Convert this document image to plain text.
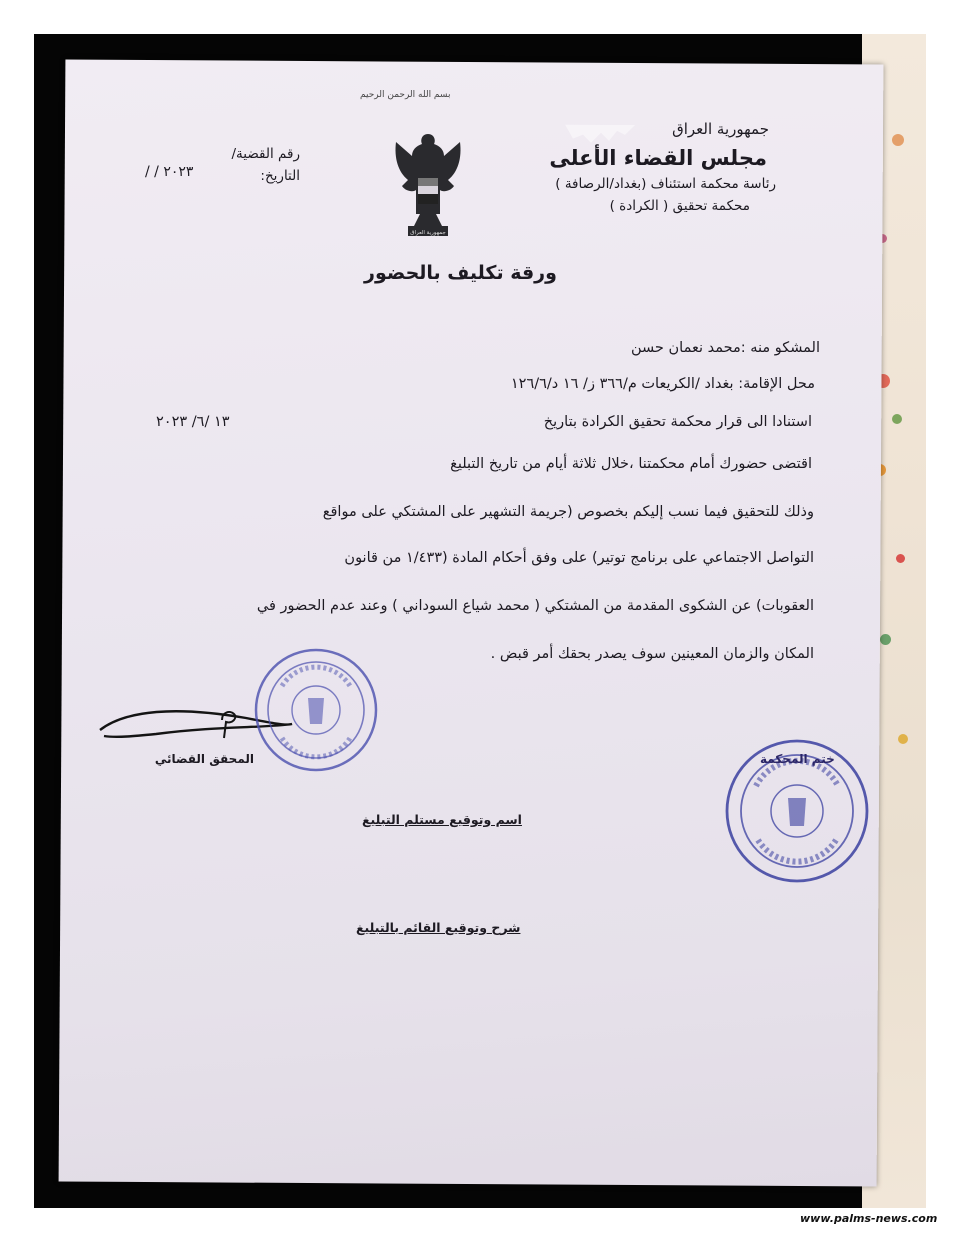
بسم الله الرحمن الرحيم
جمهورية العراق
مجلس القضاء الأعلى
رئاسة محكمة استئناف (بغداد/الرصافة )
محكمة تحقيق ( الكرادة )
رقم القضية/
التاريخ:
/ / ٢٠٢٣
جمهورية العراق
ورقة تكليف بالحضور
المشكو منه :محمد نعمان حسن
محل الإقامة: بغداد /الكريعات م/٣٦٦ ز/ ١٦ د/١٢٦/٦
استنادا الى قرار محكمة تحقيق الكرادة بتاريخ
١٣ /٦/ ٢٠٢٣
اقتضى حضورك أمام محكمتنا ،خلال ثلاثة أيام من تاريخ التبليغ
وذلك للتحقيق فيما نسب إليكم بخصوص (جريمة التشهير على المشتكي على مواقع
التواصل الاجتماعي على برنامج توتير) على وفق أحكام المادة (١/٤٣٣ من قانون
العقوبات) عن الشكوى المقدمة من المشتكي ( محمد شياع السوداني ) وعند عدم الحضور في
المكان والزمان المعينين سوف يصدر بحقك أمر قبض .
المحقق القضائي	ختم المحكمة
اسم وتوقيع مستلم التبليغ
شرح وتوقيع القائم بالتبليغ
www.palms-news.com
